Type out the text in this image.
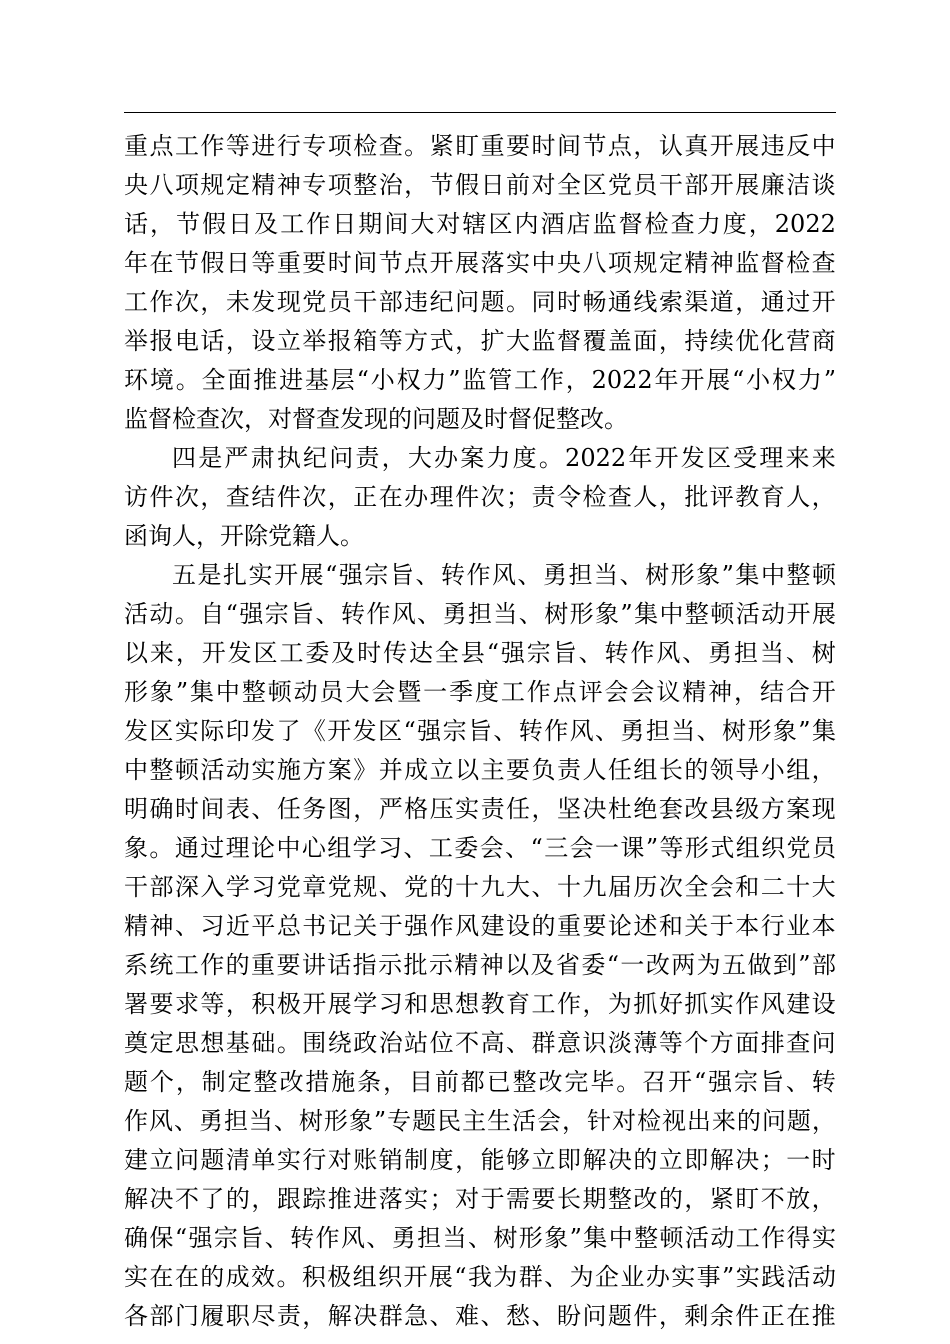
重 点 工 作 等 进 行 专 项 检 查 。 紧 盯 重 要 时 间 节 点 ， 认 真 开 展 违 反 中
央 八 项 规 定 精 神 专 项 整 治 ， 节 假 日 前 对 全 区 党 员 干 部 开 展 廉 洁 谈
话 ， 节 假 日 及 工 作 日 期 间 大 对 辖 区 内 酒 店 监 督 检 查 力 度 ， 2022
年 在 节 假 日 等 重 要 时 间 节 点 开 展 落 实 中 央 八 项 规 定 精 神 监 督 检 查
工 作 次 ， 未 发 现 党 员 干 部 违 纪 问 题 。 同 时 畅 通 线 索 渠 道 ， 通 过 开
举 报 电 话 ， 设 立 举 报 箱 等 方 式 ， 扩 大 监 督 覆 盖 面 ， 持 续 优 化 营 商
环 境 。 全 面 推 进 基 层 “ 小 权 力 ” 监 管 工 作 ， 2022 年 开 展 “ 小 权 力 ”
监 督 检 查 次 ， 对 督 查 发 现 的 问 题 及 时 督 促 整 改 。
四 是 严 肃 执 纪 问 责 ， 大 办 案 力 度 。 2022 年 开 发 区 受 理 来 来
访 件 次 ， 查 结 件 次 ， 正 在 办 理 件 次 ； 责 令 检 查 人 ， 批 评 教 育 人 ，
函 询 人 ， 开 除 党 籍 人 。
五 是 扎 实 开 展 “ 强 宗 旨 、 转 作 风 、 勇 担 当 、 树 形 象 ” 集 中 整 顿
活 动 。 自 “ 强 宗 旨 、 转 作 风 、 勇 担 当 、 树 形 象 ” 集 中 整 顿 活 动 开 展
以 来 ， 开 发 区 工 委 及 时 传 达 全 县 “ 强 宗 旨 、 转 作 风 、 勇 担 当 、 树
形 象 ” 集 中 整 顿 动 员 大 会 暨 一 季 度 工 作 点 评 会 会 议 精 神 ， 结 合 开
发 区 实 际 印 发 了 《 开 发 区 “ 强 宗 旨 、 转 作 风 、 勇 担 当 、 树 形 象 ” 集
中 整 顿 活 动 实 施 方 案 》 并 成 立 以 主 要 负 责 人 任 组 长 的 领 导 小 组 ，
明 确 时 间 表 、 任 务 图 ， 严 格 压 实 责 任 ， 坚 决 杜 绝 套 改 县 级 方 案 现
象 。 通 过 理 论 中 心 组 学 习 、 工 委 会 、 “ 三 会 一 课 ” 等 形 式 组 织 党 员
干 部 深 入 学 习 党 章 党 规 、 党 的 十 九 大 、 十 九 届 历 次 全 会 和 二 十 大
精 神 、 习 近 平 总 书 记 关 于 强 作 风 建 设 的 重 要 论 述 和 关 于 本 行 业 本
系 统 工 作 的 重 要 讲 话 指 示 批 示 精 神 以 及 省 委 “ 一 改 两 为 五 做 到 ” 部
署 要 求 等 ， 积 极 开 展 学 习 和 思 想 教 育 工 作 ， 为 抓 好 抓 实 作 风 建 设
奠 定 思 想 基 础 。 围 绕 政 治 站 位 不 高 、 群 意 识 淡 薄 等 个 方 面 排 查 问
题 个 ， 制 定 整 改 措 施 条 ， 目 前 都 已 整 改 完 毕 。 召 开 “ 强 宗 旨 、 转
作 风 、 勇 担 当 、 树 形 象 ” 专 题 民 主 生 活 会 ， 针 对 检 视 出 来 的 问 题 ，
建 立 问 题 清 单 实 行 对 账 销 制 度 ， 能 够 立 即 解 决 的 立 即 解 决 ； 一 时
解 决 不 了 的 ， 跟 踪 推 进 落 实 ； 对 于 需 要 长 期 整 改 的 ， 紧 盯 不 放 ，
确 保 “ 强 宗 旨 、 转 作 风 、 勇 担 当 、 树 形 象 ” 集 中 整 顿 活 动 工 作 得 实
实 在 在 的 成 效 。 积 极 组 织 开 展 “ 我 为 群 、 为 企 业 办 实 事 ” 实 践 活 动
各 部 门 履 职 尽 责 ， 解 决 群 急 、 难 、 愁 、 盼 问 题 件 ， 剩 余 件 正 在 推
